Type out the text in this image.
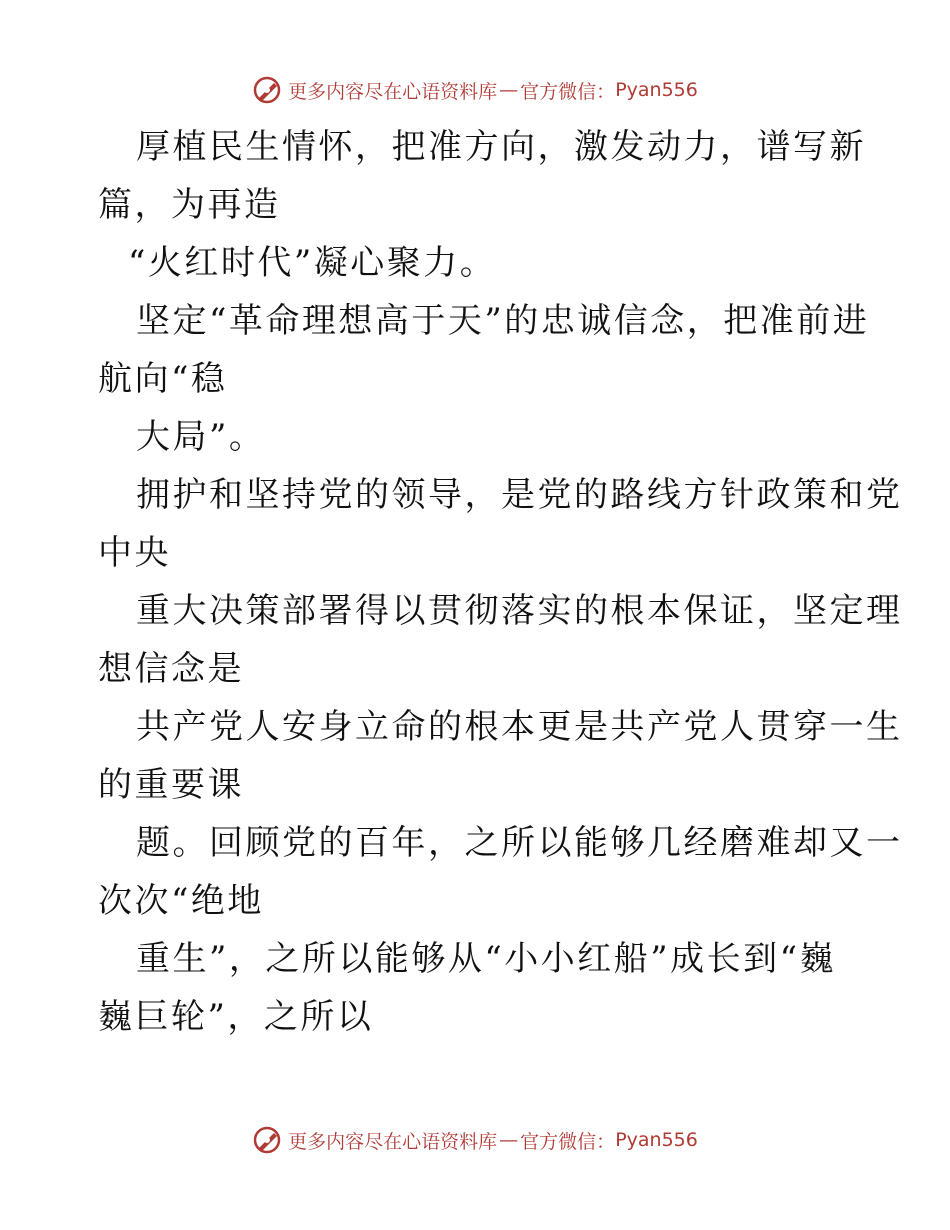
更多内容尽在心语资料库 — 官方微信： Pyan556
厚植民生情怀，把准方向，激发动力，谱写新
篇，为再造
“火红时代”凝心聚力。
坚定“革命理想高于天”的忠诚信念，把准前进
航向“稳
大局”。
拥护和坚持党的领导，是党的路线方针政策和党
中央
重大决策部署得以贯彻落实的根本保证，坚定理
想信念是
共产党人安身立命的根本更是共产党人贯穿一生
的重要课
题。回顾党的百年，之所以能够几经磨难却又一
次次“绝地
重生”，之所以能够从“小小红船”成长到“巍
巍巨轮”，之所以
更多内容尽在心语资料库 — 官方微信： Pyan556
